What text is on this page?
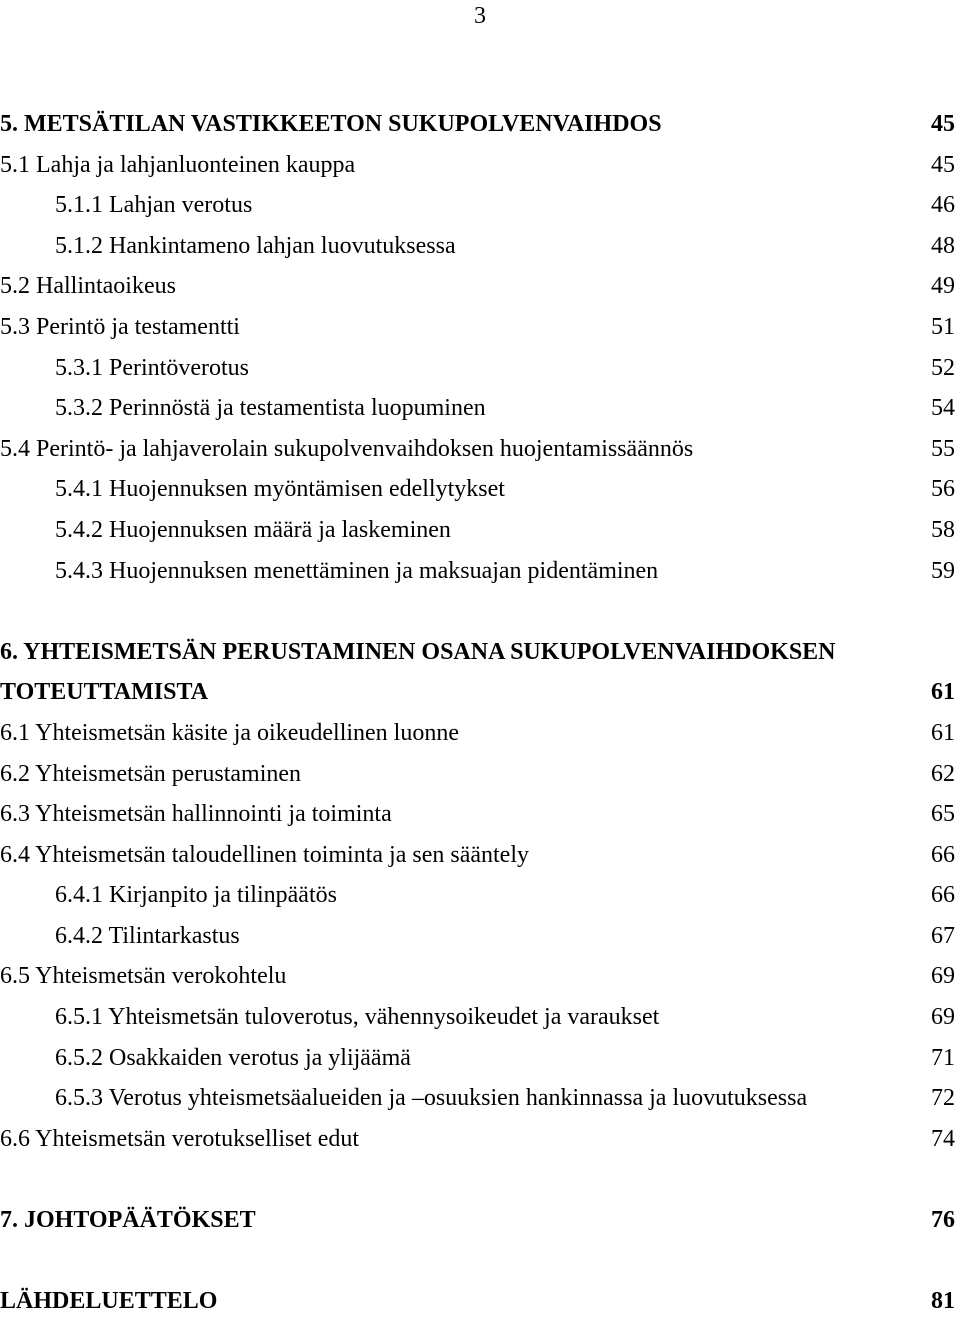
3
5. METSÄTILAN VASTIKKEETON SUKUPOLVENVAIHDOS	45
5.1 Lahja ja lahjanluonteinen kauppa	45
5.1.1 Lahjan verotus	46
5.1.2 Hankintameno lahjan luovutuksessa	48
5.2 Hallintaoikeus	49
5.3 Perintö ja testamentti	51
5.3.1 Perintöverotus	52
5.3.2 Perinnöstä ja testamentista luopuminen	54
5.4 Perintö- ja lahjaverolain sukupolvenvaihdoksen huojentamissäännös	55
5.4.1 Huojennuksen myöntämisen edellytykset	56
5.4.2 Huojennuksen määrä ja laskeminen	58
5.4.3 Huojennuksen menettäminen ja maksuajan pidentäminen	59
6. YHTEISMETSÄN PERUSTAMINEN OSANA SUKUPOLVENVAIHDOKSEN
TOTEUTTAMISTA	61
6.1 Yhteismetsän käsite ja oikeudellinen luonne	61
6.2 Yhteismetsän perustaminen	62
6.3 Yhteismetsän hallinnointi ja toiminta	65
6.4 Yhteismetsän taloudellinen toiminta ja sen sääntely	66
6.4.1 Kirjanpito ja tilinpäätös	66
6.4.2 Tilintarkastus	67
6.5 Yhteismetsän verokohtelu	69
6.5.1 Yhteismetsän tuloverotus, vähennysoikeudet ja varaukset	69
6.5.2 Osakkaiden verotus ja ylijäämä	71
6.5.3 Verotus yhteismetsäalueiden ja –osuuksien hankinnassa ja luovutuksessa	72
6.6 Yhteismetsän verotukselliset edut	74
7. JOHTOPÄÄTÖKSET	76
LÄHDELUETTELO	81
